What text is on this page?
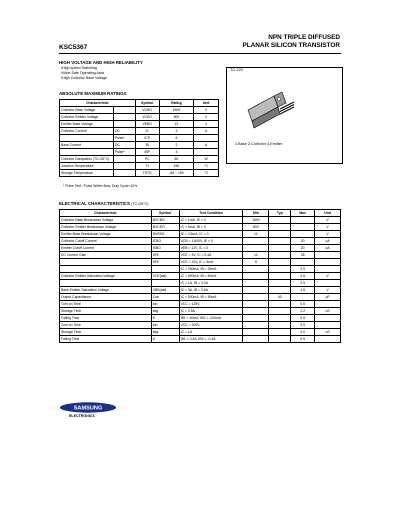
KSC5367
NPN TRIPLE DIFFUSED
PLANAR SILICON TRANSISTOR
HIGH VOLTAGE AND HIGH RELIABILITY
• High speed Switching
• Wide Safe Operating Area
• High Collector Base Voltage
ABSOLUTE MAXIMUM RATINGS
Characteristic		Symbol	Rating	Unit
Collector Base Voltage		VCBO	1600	V
Collector Emitter Voltage		VCEO	800	V
Emitter Base Voltage		VEBO	12	V
Collector Current	DC	IC	3	A
	Pulse*	ICP	6	
Base Current	DC	IB	2	A
	Pulse*	IBP	4	
Collector Dissipation (TC=25°C)		PC	80	W
Junction Temperature		TJ	150	°C
Storage Temperature		TSTG	-65 ~ 150	°C
* Pulse Test : Pulse Width<5ms, Duty Cycle<10%
TO-220
1.Base 2.Collector 3.Emitter
ELECTRICAL CHARACTERISTICS (TC=25°C)
Characteristic	Symbol	Test Condition	Min	Typ	Max	Unit
Collector Base Breakdown Voltage	BVCBO	IC = 1mA, IE = 0	1600			V
Collector Emitter Breakdown Voltage	BVCEO	IC = 5mA, IB = 0	800			V
Emitter Base Breakdown Voltage	BVEBO	IE = 0.5mA, IC = 0	12			V
Collector Cutoff Current	ICBO	VCB = 1,600V, IE = 0			20	uA
Emitter Cutoff Current	IEBO	VEB = 12V, IC = 0			20	uA
DC Current Gain	hFE	VCE = 3V, IC = 0.4A	12		35	
	hFE	VCE = 10V, IC = 5mA	8			
		IC = 250mA, IB = 25mA			2.5	
Collector Emitter Saturation Voltage	VCE(sat)	IC = 500mA, IB = 50mA			4.5	V
		IC = 1A, IB = 0.2A			2.5	
Base Emitter Saturation Voltage	VBE(sat)	IC = 3A, IB = 0.6A			1.5	V
Output Capacitance	Cob	IC = 500mA, IB = 50mA		40		pF
Turn on Time	ton	VCC = 125V,			0.5	
Storage Time	tstg	IC = 0.5A			2.2	uS
Falling Time	tf	IB1 = 40mA, IB2 = -200mA			0.5	
Turn on Time	ton	VCC = 200V,			0.5	
Storage Time	tstg	IC = 1A			4.0	uS
Falling Time	tf	IB1 = 0.2A, IB2 = -0.4A			0.5	
SAMSUNG
ELECTRONICS
